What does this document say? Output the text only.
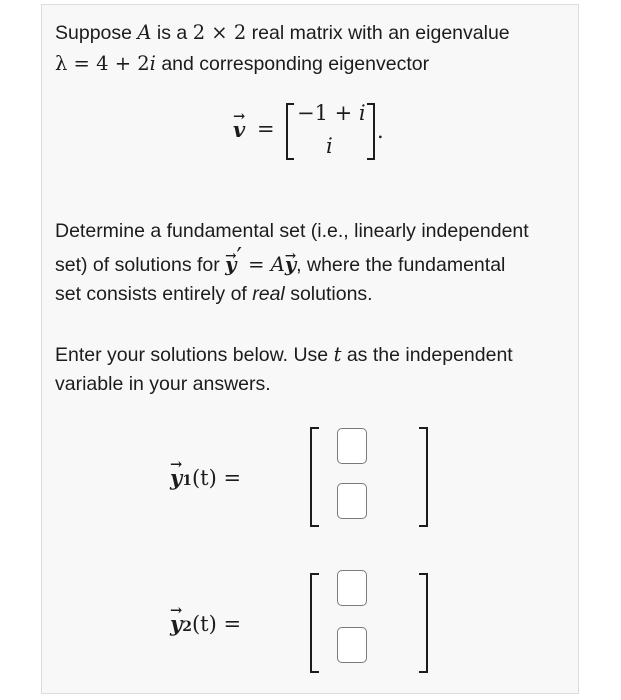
Suppose A is a 2 × 2 real matrix with an eigenvalue
λ = 4 + 2i and corresponding eigenvector
→ v =
−1 + i
i
.
Determine a fundamental set (i.e., linearly independent
set) of solutions for → y′ = A→ y, where the fundamental
set consists entirely of real solutions.
Enter your solutions below. Use t as the independent
variable in your answers.
→ y1(t) =
→ y2(t) =
